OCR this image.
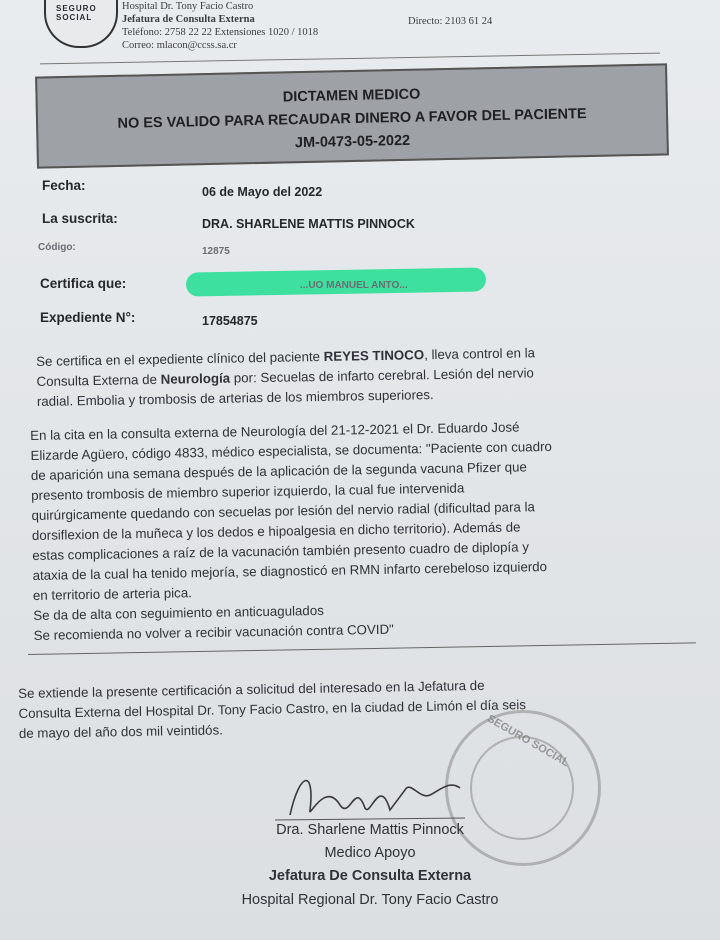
SEGURO SOCIAL
Hospital Dr. Tony Facio Castro
Jefatura de Consulta Externa
Teléfono: 2758 22 22 Extensiones 1020 / 1018
Correo: mlacon@ccss.sa.cr
Directo: 2103 61 24
DICTAMEN MEDICO
NO ES VALIDO PARA RECAUDAR DINERO A FAVOR DEL PACIENTE
JM-0473-05-2022
Fecha:	06 de Mayo del 2022
La suscrita:	DRA. SHARLENE MATTIS PINNOCK
Código:	12875
Certifica que:	...UO MANUEL ANTO...
Expediente N°:	17854875
Se certifica en el expediente clínico del paciente REYES TINOCO, lleva control en la
Consulta Externa de Neurología por: Secuelas de infarto cerebral. Lesión del nervio
radial. Embolia y trombosis de arterias de los miembros superiores.
En la cita en la consulta externa de Neurología del 21-12-2021 el Dr. Eduardo José
Elizarde Agüero, código 4833, médico especialista, se documenta: "Paciente con cuadro
de aparición una semana después de la aplicación de la segunda vacuna Pfizer que
presento trombosis de miembro superior izquierdo, la cual fue intervenida
quirúrgicamente quedando con secuelas por lesión del nervio radial (dificultad para la
dorsiflexion de la muñeca y los dedos e hipoalgesia en dicho territorio). Además de
estas complicaciones a raíz de la vacunación también presento cuadro de diplopía y
ataxia de la cual ha tenido mejoría, se diagnosticó en RMN infarto cerebeloso izquierdo
en territorio de arteria pica.
Se da de alta con seguimiento en anticuagulados
Se recomienda no volver a recibir vacunación contra COVID"
Se extiende la presente certificación a solicitud del interesado en la Jefatura de
Consulta Externa del Hospital Dr. Tony Facio Castro, en la ciudad de Limón el día seis
de mayo del año dos mil veintidós.	SEGURO SOCIAL
Dra. Sharlene Mattis Pinnock
Medico Apoyo
Jefatura De Consulta Externa
Hospital Regional Dr. Tony Facio Castro
